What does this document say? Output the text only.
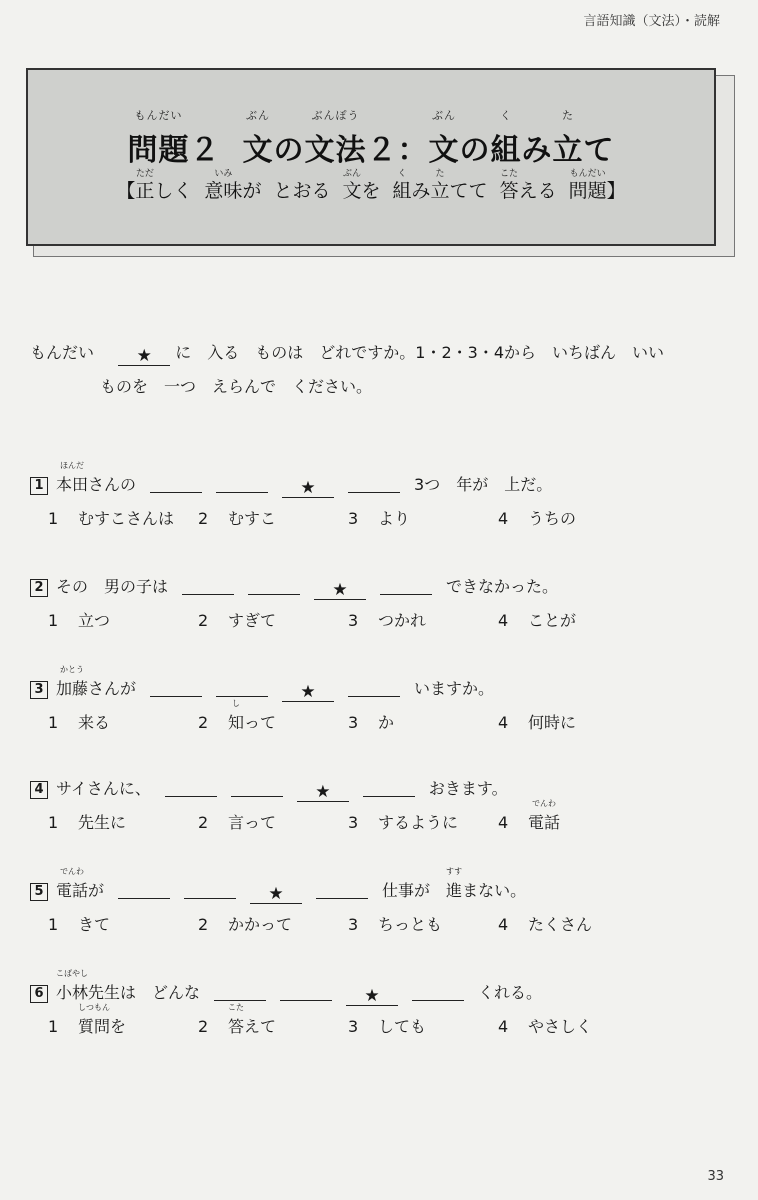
言語知識（文法）・読解
問題
もんだい
２ 文
ぶん
の文法
ぶんぽう
２：文
ぶん
の組
く
み立
た
て
【正
ただ
しく 意味
いみ
が とおる 文
ぶん
を 組
く
み立
た
てて 答
こた
える 問題
もんだい
】
もんだい	★ に　入る　ものは　どれですか。1・2・3・4から　いちばん　いい
ものを　一つ　えらんで　ください。
1 本田
ほんだ
さんの	★	3つ　年が　上だ。
1 むすこさんは 2 むすこ	3 より	4 うちの
2 その　男の子は	★	できなかった。
1 立つ	2 すぎて	3 つかれ	4 ことが
3 加藤
かとう
さんが	★	いますか。
1 来る	2 知
し
って	3 か	4 何時に
4 サイさんに、	★	おきます。
1 先生に	2 言って	3 するように 4 電話
でんわ
5 電話
でんわ
が	★	仕事が　進
すす
まない。
1 きて	2 かかって	3 ちっとも	4 たくさん
6 小林
こばやし
先生は　どんな	★	くれる。
1 質問
しつもん
を	2 答
こた
えて	3 しても	4 やさしく
33
